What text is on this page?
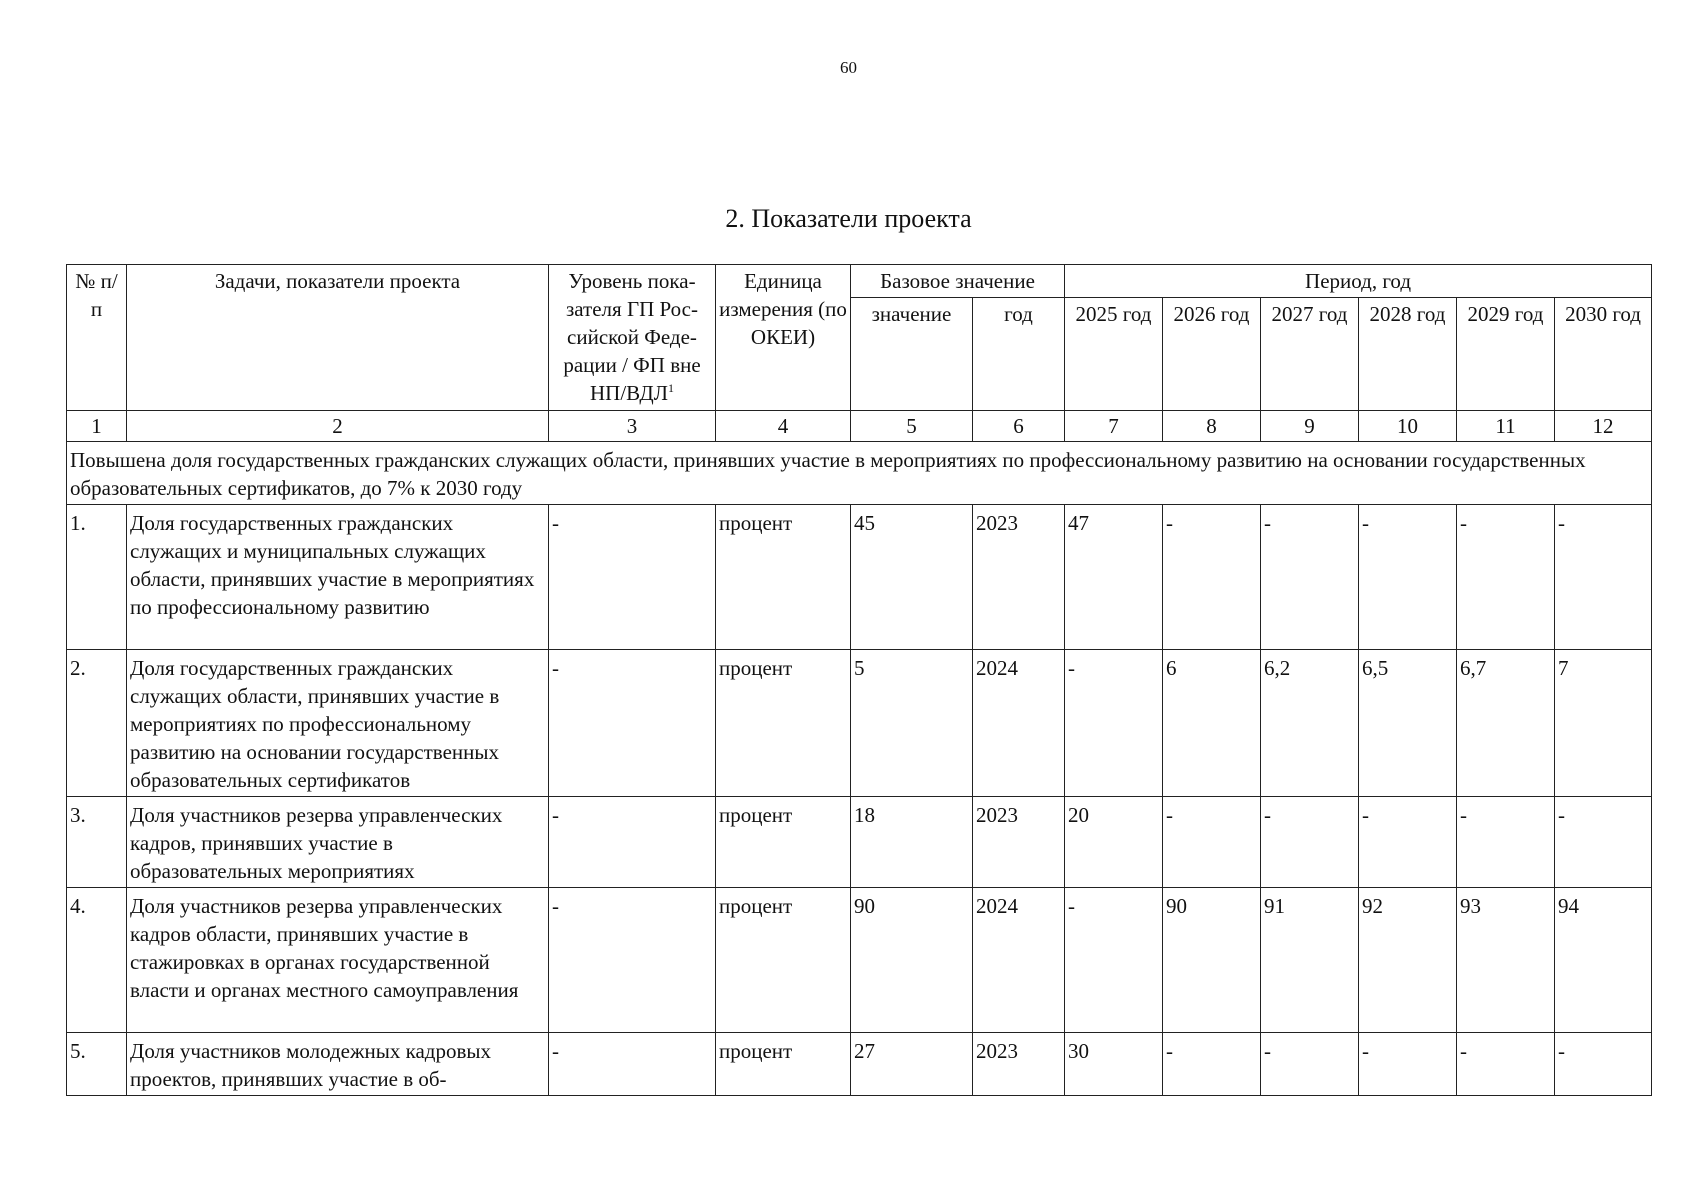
60
2. Показатели проекта
№ п/п	Задачи, показатели проекта	Уровень пока-зателя ГП Рос-сийской Феде-рации / ФП вне НП/ВДЛ$^1$	Единица измерения (по ОКЕИ)	Базовое значение		Период, год					
				значение	год	2025 год	2026 год	2027 год	2028 год	2029 год	2030 год
1	2	3	4	5	6	7	8	9	10	11	12
Повышена доля государственных гражданских служащих области, принявших участие в мероприятиях по профессиональному развитию на основании государственных образовательных сертификатов, до 7% к 2030 году											
1.	Доля государственных гражданских служащих и муниципальных служащих области, принявших участие в мероприятиях по профессиональному развитию	-	процент	45	2023	47	-	-	-	-	-
2.	Доля государственных гражданских служащих области, принявших участие в мероприятиях по профессиональному развитию на основании государственных образовательных сертификатов	-	процент	5	2024	-	6	6,2	6,5	6,7	7
3.	Доля участников резерва управленческих кадров, принявших участие в образовательных мероприятиях	-	процент	18	2023	20	-	-	-	-	-
4.	Доля участников резерва управленческих кадров области, принявших участие в стажировках в органах государственной власти и органах местного самоуправления	-	процент	90	2024	-	90	91	92	93	94
5.	Доля участников молодежных кадровых проектов, принявших участие в об-	-	процент	27	2023	30	-	-	-	-	-
